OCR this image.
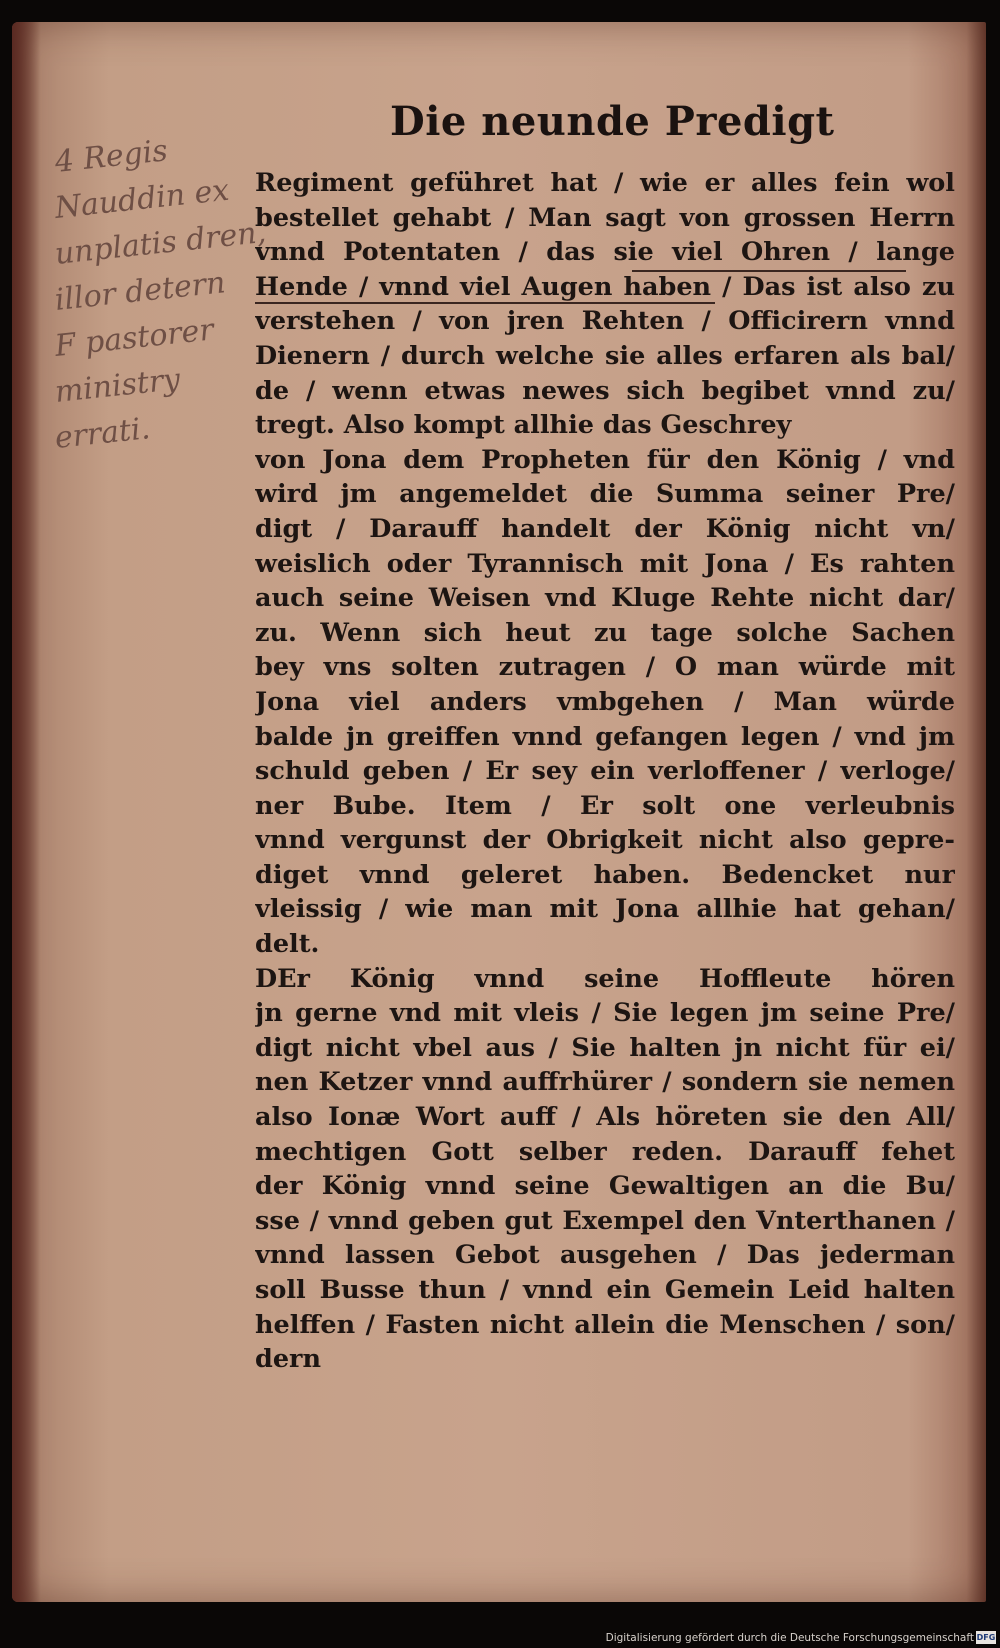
Die neunde Predigt
4 Regis
Nauddin ex
unplatis dren,
illor detern
F pastorer
ministry
errati.
Regiment geführet hat / wie er alles fein wol
bestellet gehabt / Man sagt von grossen Herrn
vnnd Potentaten / das sie viel Ohren / lange
Hende / vnnd viel Augen haben / Das ist also zu
verstehen / von jren Rehten / Officirern vnnd
Dienern / durch welche sie alles erfaren als bal/
de / wenn etwas newes sich begibet vnnd zu/
tregt. Also kompt allhie das Geschrey
von Jona dem Propheten für den König / vnd
wird jm angemeldet die Summa seiner Pre/
digt / Darauff handelt der König nicht vn/
weislich oder Tyrannisch mit Jona / Es rahten
auch seine Weisen vnd Kluge Rehte nicht dar/
zu. Wenn sich heut zu tage solche Sachen
bey vns solten zutragen / O man würde mit
Jona viel anders vmbgehen / Man würde
balde jn greiffen vnnd gefangen legen / vnd jm
schuld geben / Er sey ein verloffener / verloge/
ner Bube. Item / Er solt one verleubnis
vnnd vergunst der Obrigkeit nicht also gepre-
diget vnnd geleret haben. Bedencket nur
vleissig / wie man mit Jona allhie hat gehan/
delt.
DEr König vnnd seine Hoffleute hören
jn gerne vnd mit vleis / Sie legen jm seine Pre/
digt nicht vbel aus / Sie halten jn nicht für ei/
nen Ketzer vnnd auffrhürer / sondern sie nemen
also Ionæ Wort auff / Als höreten sie den All/
mechtigen Gott selber reden. Darauff fehet
der König vnnd seine Gewaltigen an die Bu/
sse / vnnd geben gut Exempel den Vnterthanen /
vnnd lassen Gebot ausgehen / Das jederman
soll Busse thun / vnnd ein Gemein Leid halten
helffen / Fasten nicht allein die Menschen / son/
dern
Digitalisierung gefördert durch die Deutsche Forschungsgemeinschaft DFG
